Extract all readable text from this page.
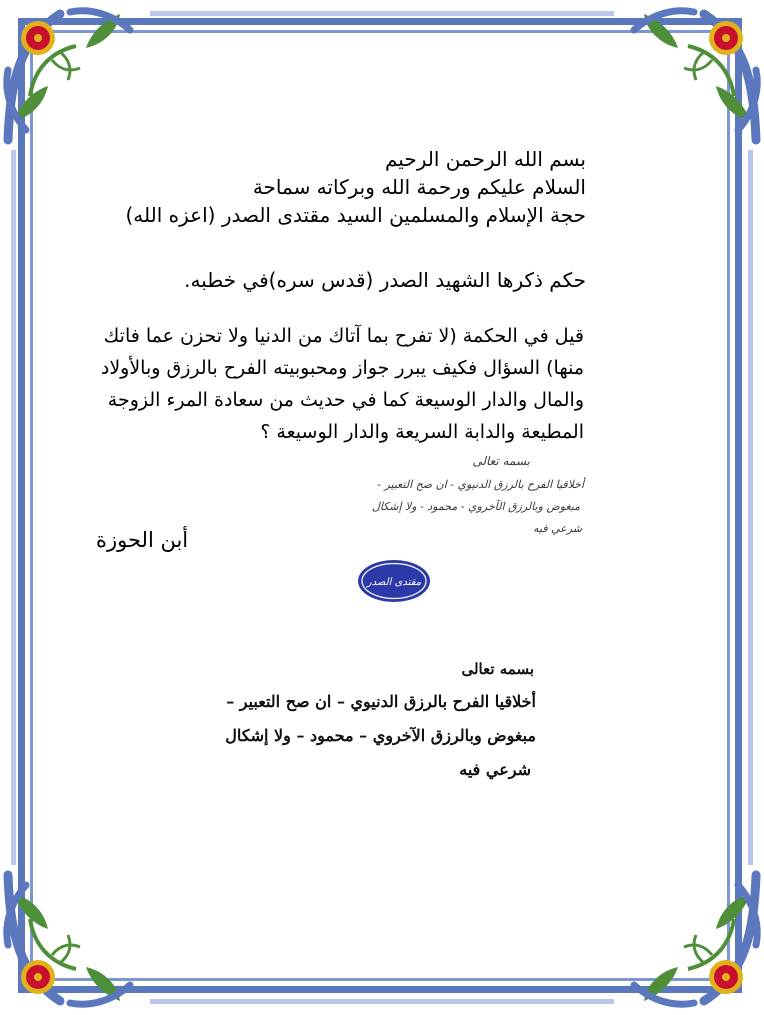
بسم الله الرحمن الرحيم
السلام عليكم ورحمة الله وبركاته سماحة
حجة الإسلام والمسلمين السيد مقتدى الصدر (اعزه الله)
حكم ذكرها الشهيد الصدر (قدس سره)في خطبه.
قيل في الحكمة (لا تفرح بما آتاك من الدنيا ولا تحزن عما فاتك
منها) السؤال فكيف يبرر جواز ومحبوبيته الفرح بالرزق وبالأولاد
والمال والدار الوسيعة كما في حديث من سعادة المرء الزوجة
المطيعة والدابة السريعة والدار الوسيعة ؟
بسمه تعالى
أخلاقيا الفرح بالرزق الدنيوي - ان صح التعبير -
مبغوض وبالرزق الآخروي - محمود - ولا إشكال
شرعي فيه
أبن الحوزة
مقتدى الصدر
بسمه تعالى
أخلاقيا الفرح بالرزق الدنيوي – ان صح التعبير –
مبغوض وبالرزق الآخروي – محمود – ولا إشكال
شرعي فيه
